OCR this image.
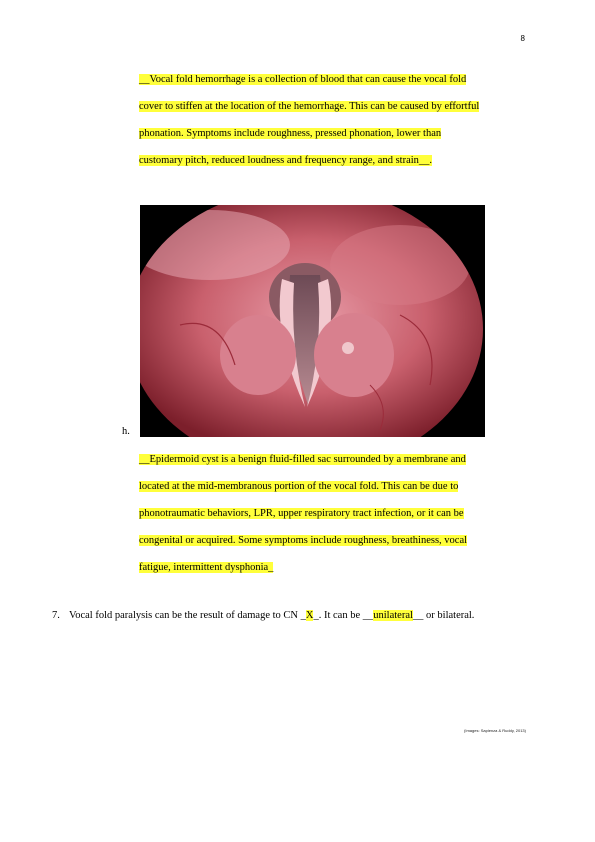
8

__Vocal fold hemorrhage is a collection of blood that can cause the vocal fold
cover to stiffen at the location of the hemorrhage. This can be caused by effortful
phonation. Symptoms include roughness, pressed phonation, lower than
customary pitch, reduced loudness and frequency range, and strain__.

h.

__Epidermoid cyst is a benign fluid-filled sac surrounded by a membrane and
located at the mid-membranous portion of the vocal fold. This can be due to
phonotraumatic behaviors, LPR, upper respiratory tract infection, or it can be
congenital or acquired. Some symptoms include roughness, breathiness, vocal
fatigue, intermittent dysphonia_

7. Vocal fold paralysis can be the result of damage to CN _X_. It can be __unilateral__ or bilateral.
(Images: Sapienza & Ruddy, 2013)
